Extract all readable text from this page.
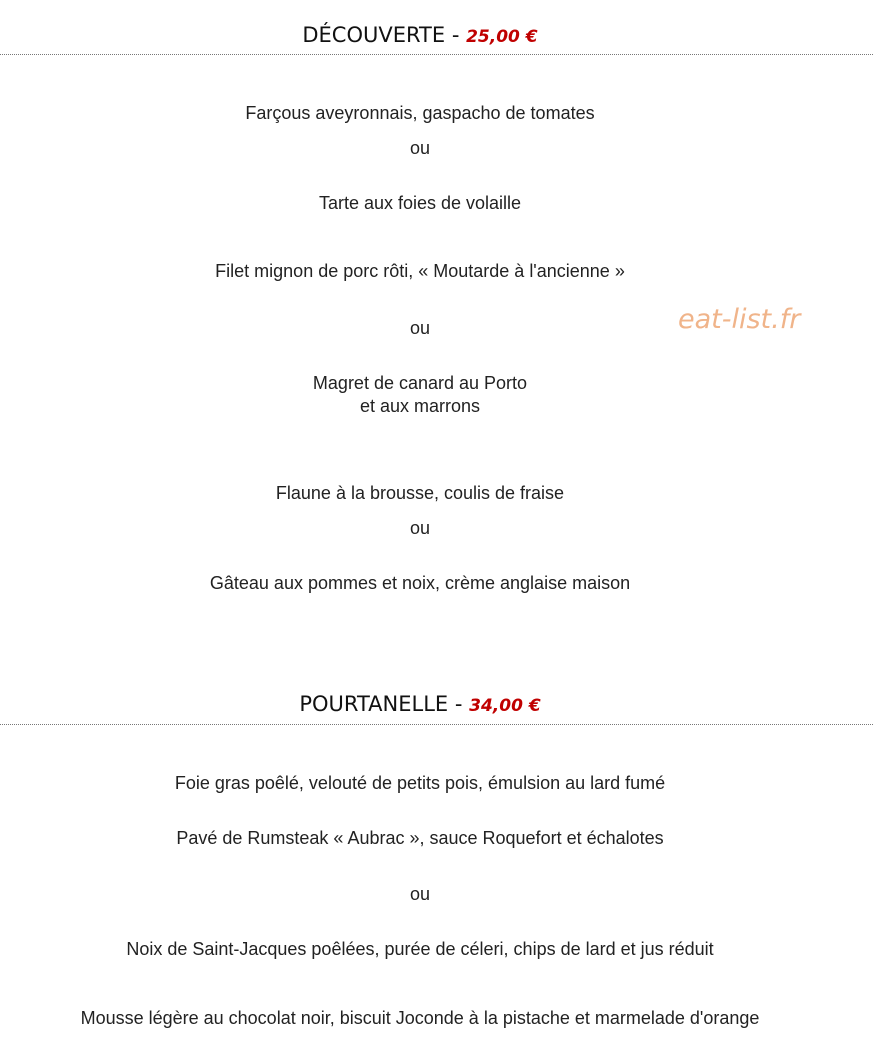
DÉCOUVERTE - 25,00 €
Farçous aveyronnais, gaspacho de tomates
ou
Tarte aux foies de volaille
Filet mignon de porc rôti, « Moutarde à l'ancienne »
ou
Magret de canard au Porto
et aux marrons
Flaune à la brousse, coulis de fraise
ou
Gâteau aux pommes et noix, crème anglaise maison
eat-list.fr
POURTANELLE - 34,00 €
Foie gras poêlé, velouté de petits pois, émulsion au lard fumé
Pavé de Rumsteak « Aubrac », sauce Roquefort et échalotes
ou
Noix de Saint-Jacques poêlées, purée de céleri, chips de lard et jus réduit
Mousse légère au chocolat noir, biscuit Joconde à la pistache et marmelade d'orange
